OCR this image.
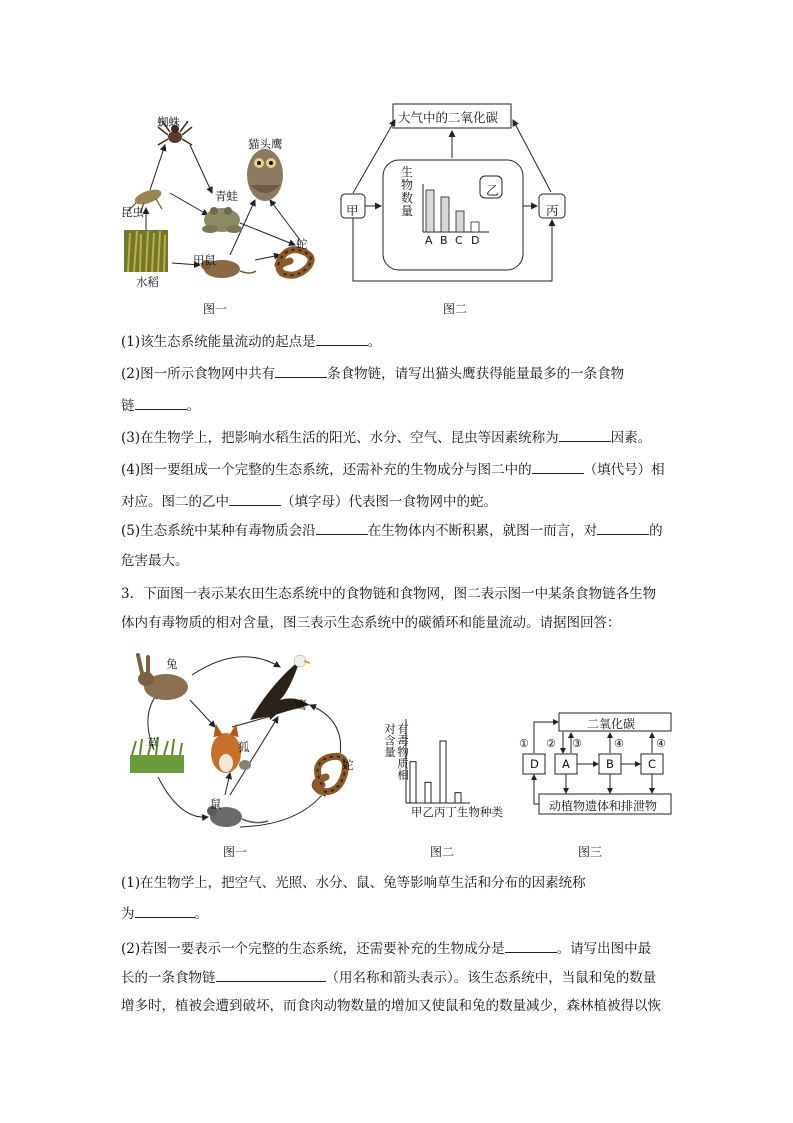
蜘蛛
猫头鹰
青蛙
昆虫
水稻
田鼠
蛇
图一
大气中的二氧化碳
甲	丙
乙
生物数量
A B C D
图二
(1)该生态系统能量流动的起点是	。
(2)图一所示食物网中共有	条食物链，请写出猫头鹰获得能量最多的一条食物
链	。
(3)在生物学上，把影响水稻生活的阳光、水分、空气、昆虫等因素统称为	因素。
(4)图一要组成一个完整的生态系统，还需补充的生物成分与图二中的	（填代号）相
对应。图二的乙中	（填字母）代表图一食物网中的蛇。
(5)生态系统中某种有毒物质会沿	在生物体内不断积累，就图一而言，对	的
危害最大。
3．下面图一表示某农田生态系统中的食物链和食物网，图二表示图一中某条食物链各生物
体内有毒物质的相对含量，图三表示生态系统中的碳循环和能量流动。请据图回答：
兔
鹰
草	狐
蛇
鼠
图一
有毒物质相对含量
甲乙丙丁生物种类
图二
二氧化碳
D A	B	C
动植物遗体和排泄物
① ② ③	④	④
图三
(1)在生物学上，把空气、光照、水分、鼠、兔等影响草生活和分布的因素统称
为	。
(2)若图一要表示一个完整的生态系统，还需要补充的生物成分是	。请写出图中最
长的一条食物链	（用名称和箭头表示）。该生态系统中，当鼠和兔的数量
增多时，植被会遭到破坏，而食肉动物数量的增加又使鼠和兔的数量减少，森林植被得以恢
